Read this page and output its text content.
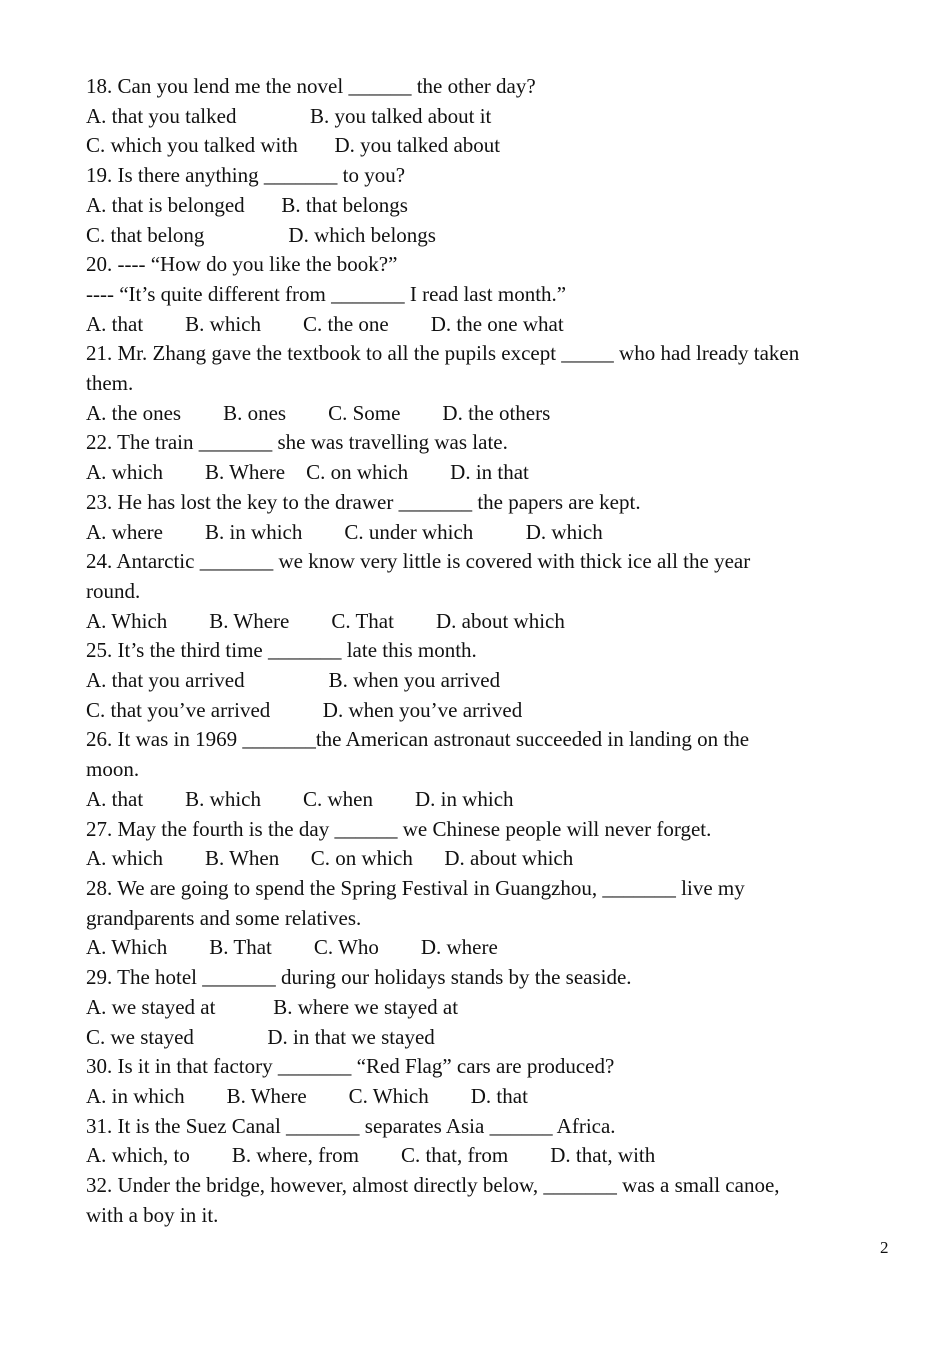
18. Can you lend me the novel ______ the other day?

A. that you talked              B. you talked about it

C. which you talked with       D. you talked about

19. Is there anything _______ to you?

A. that is belonged       B. that belongs

C. that belong                D. which belongs

20. ---- “How do you like the book?”

---- “It’s quite different from _______ I read last month.”

A. that        B. which        C. the one        D. the one what

21. Mr. Zhang gave the textbook to all the pupils except _____ who had lready taken

them.

A. the ones        B. ones        C. Some        D. the others

22. The train _______ she was travelling was late.

A. which        B. Where    C. on which        D. in that

23. He has lost the key to the drawer _______ the papers are kept.

A. where        B. in which        C. under which          D. which

24. Antarctic _______ we know very little is covered with thick ice all the year

round.

A. Which        B. Where        C. That        D. about which

25. It’s the third time _______ late this month.

A. that you arrived                B. when you arrived

C. that you’ve arrived          D. when you’ve arrived

26. It was in 1969 _______the American astronaut succeeded in landing on the

moon.

A. that        B. which        C. when        D. in which

27. May the fourth is the day ______ we Chinese people will never forget.

A. which        B. When      C. on which      D. about which

28. We are going to spend the Spring Festival in Guangzhou, _______ live my

grandparents and some relatives.

A. Which        B. That        C. Who        D. where

29. The hotel _______ during our holidays stands by the seaside.

A. we stayed at           B. where we stayed at

C. we stayed              D. in that we stayed

30. Is it in that factory _______ “Red Flag” cars are produced?

A. in which        B. Where        C. Which        D. that

31. It is the Suez Canal _______ separates Asia ______ Africa.

A. which, to        B. where, from        C. that, from        D. that, with

32. Under the bridge, however, almost directly below, _______ was a small canoe,

with a boy in it.

2
